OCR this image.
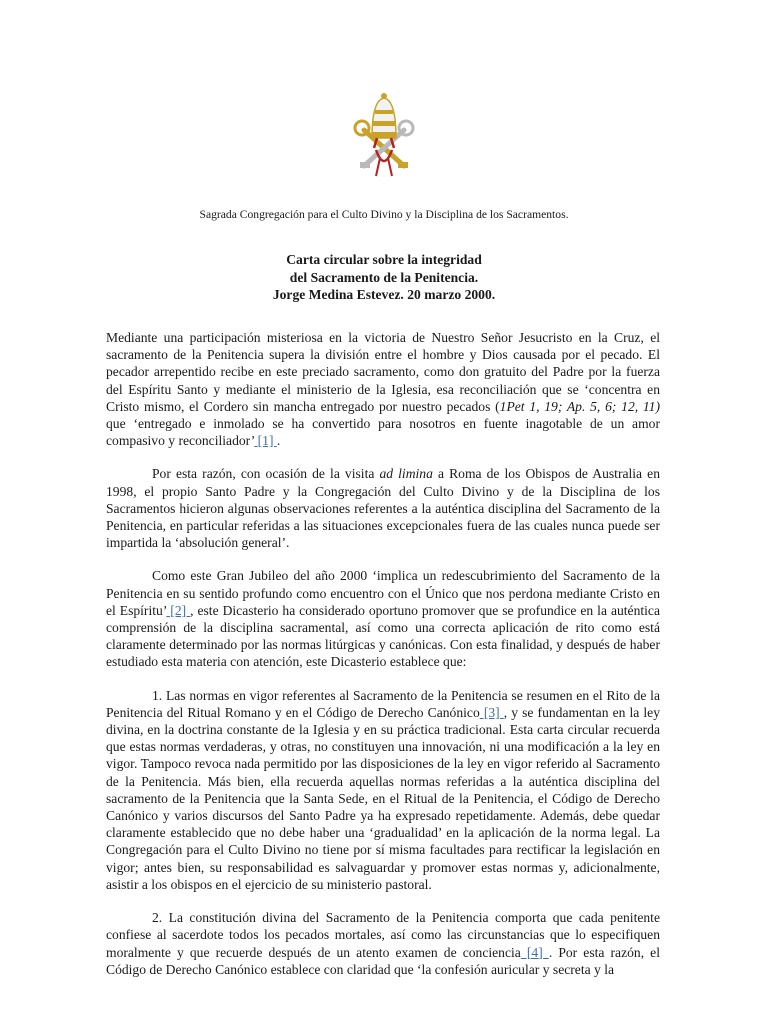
Sagrada Congregación para el Culto Divino y la Disciplina de los Sacramentos.
Carta circular sobre la integridad
del Sacramento de la Penitencia.
Jorge Medina Estevez. 20 marzo 2000.

Mediante una participación misteriosa en la victoria de Nuestro Señor Jesucristo en la Cruz, el sacramento de la Penitencia supera la división entre el hombre y Dios causada por el pecado. El pecador arrepentido recibe en este preciado sacramento, como don gratuito del Padre por la fuerza del Espíritu Santo y mediante el ministerio de la Iglesia, esa reconciliación que se ‘concentra en Cristo mismo, el Cordero sin mancha entregado por nuestro pecados (1Pet 1, 19; Ap. 5, 6; 12, 11) que ‘entregado e inmolado se ha convertido para nosotros en fuente inagotable de un amor compasivo y reconciliador’ [1] .

Por esta razón, con ocasión de la visita ad limina a Roma de los Obispos de Australia en 1998, el propio Santo Padre y la Congregación del Culto Divino y de la Disciplina de los Sacramentos hicieron algunas observaciones referentes a la auténtica disciplina del Sacramento de la Penitencia, en particular referidas a las situaciones excepcionales fuera de las cuales nunca puede ser impartida la ‘absolución general’.

Como este Gran Jubileo del año 2000 ‘implica un redescubrimiento del Sacramento de la Penitencia en su sentido profundo como encuentro con el Único que nos perdona mediante Cristo en el Espíritu’ [2] , este Dicasterio ha considerado oportuno promover que se profundice en la auténtica comprensión de la disciplina sacramental, así como una correcta aplicación de rito como está claramente determinado por las normas litúrgicas y canónicas. Con esta finalidad, y después de haber estudiado esta materia con atención, este Dicasterio establece que:

1. Las normas en vigor referentes al Sacramento de la Penitencia se resumen en el Rito de la Penitencia del Ritual Romano y en el Código de Derecho Canónico [3] , y se fundamentan en la ley divina, en la doctrina constante de la Iglesia y en su práctica tradicional. Esta carta circular recuerda que estas normas verdaderas, y otras, no constituyen una innovación, ni una modificación a la ley en vigor. Tampoco revoca nada permitido por las disposiciones de la ley en vigor referido al Sacramento de la Penitencia. Más bien, ella recuerda aquellas normas referidas a la auténtica disciplina del sacramento de la Penitencia que la Santa Sede, en el Ritual de la Penitencia, el Código de Derecho Canónico y varios discursos del Santo Padre ya ha expresado repetidamente. Además, debe quedar claramente establecido que no debe haber una ‘gradualidad’ en la aplicación de la norma legal. La Congregación para el Culto Divino no tiene por sí misma facultades para rectificar la legislación en vigor; antes bien, su responsabilidad es salvaguardar y promover estas normas y, adicionalmente, asistir a los obispos en el ejercicio de su ministerio pastoral.

2. La constitución divina del Sacramento de la Penitencia comporta que cada penitente confiese al sacerdote todos los pecados mortales, así como las circunstancias que lo especifiquen moralmente y que recuerde después de un atento examen de conciencia [4] . Por esta razón, el Código de Derecho Canónico establece con claridad que ‘la confesión auricular y secreta y la
